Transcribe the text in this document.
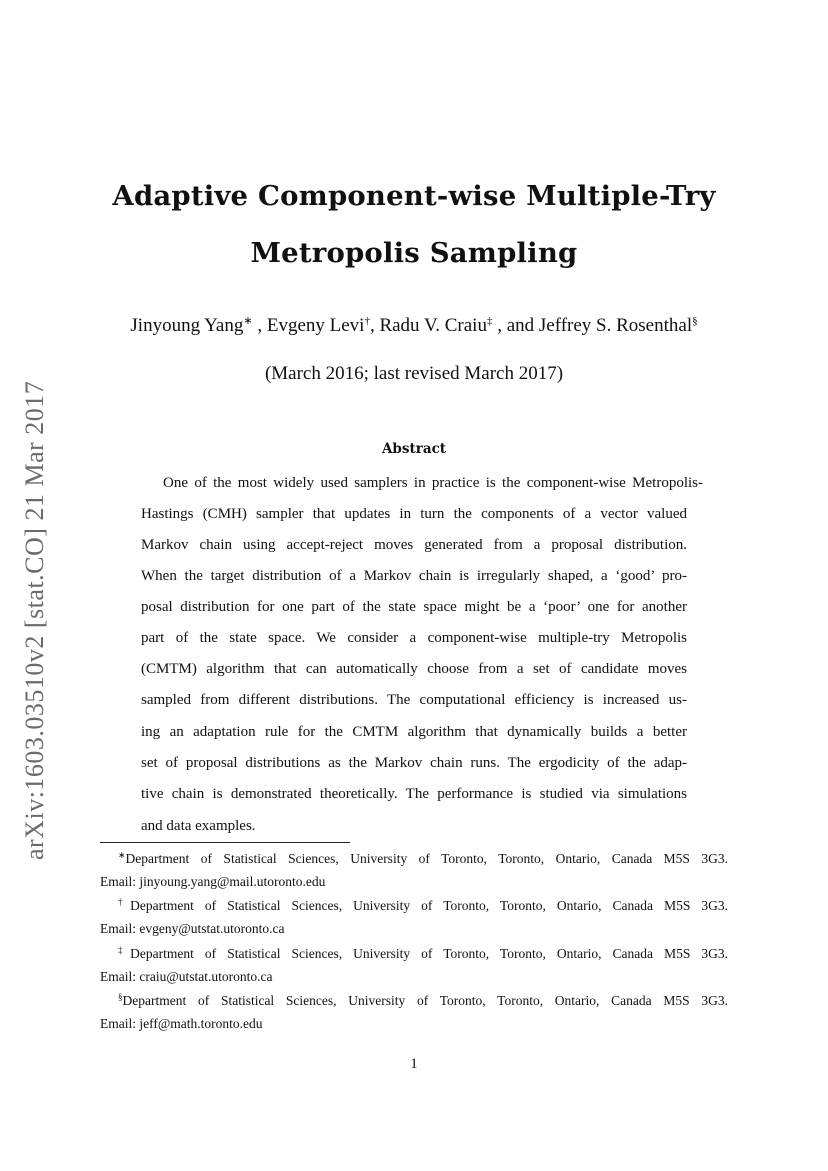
arXiv:1603.03510v2 [stat.CO] 21 Mar 2017
Adaptive Component-wise Multiple-Try
Metropolis Sampling
Jinyoung Yang∗ , Evgeny Levi†, Radu V. Craiu‡ , and Jeffrey S. Rosenthal§
(March 2016; last revised March 2017)
Abstract
One of the most widely used samplers in practice is the component-wise Metropolis-
Hastings (CMH) sampler that updates in turn the components of a vector valued
Markov chain using accept-reject moves generated from a proposal distribution.
When the target distribution of a Markov chain is irregularly shaped, a ‘good’ pro-
posal distribution for one part of the state space might be a ‘poor’ one for another
part of the state space. We consider a component-wise multiple-try Metropolis
(CMTM) algorithm that can automatically choose from a set of candidate moves
sampled from different distributions. The computational efficiency is increased us-
ing an adaptation rule for the CMTM algorithm that dynamically builds a better
set of proposal distributions as the Markov chain runs. The ergodicity of the adap-
tive chain is demonstrated theoretically. The performance is studied via simulations
and data examples.
∗Department of Statistical Sciences, University of Toronto, Toronto, Ontario, Canada M5S 3G3.
Email: jinyoung.yang@mail.utoronto.edu
†Department of Statistical Sciences, University of Toronto, Toronto, Ontario, Canada M5S 3G3.
Email: evgeny@utstat.utoronto.ca
‡Department of Statistical Sciences, University of Toronto, Toronto, Ontario, Canada M5S 3G3.
Email: craiu@utstat.utoronto.ca
§Department of Statistical Sciences, University of Toronto, Toronto, Ontario, Canada M5S 3G3.
Email: jeff@math.toronto.edu
1
